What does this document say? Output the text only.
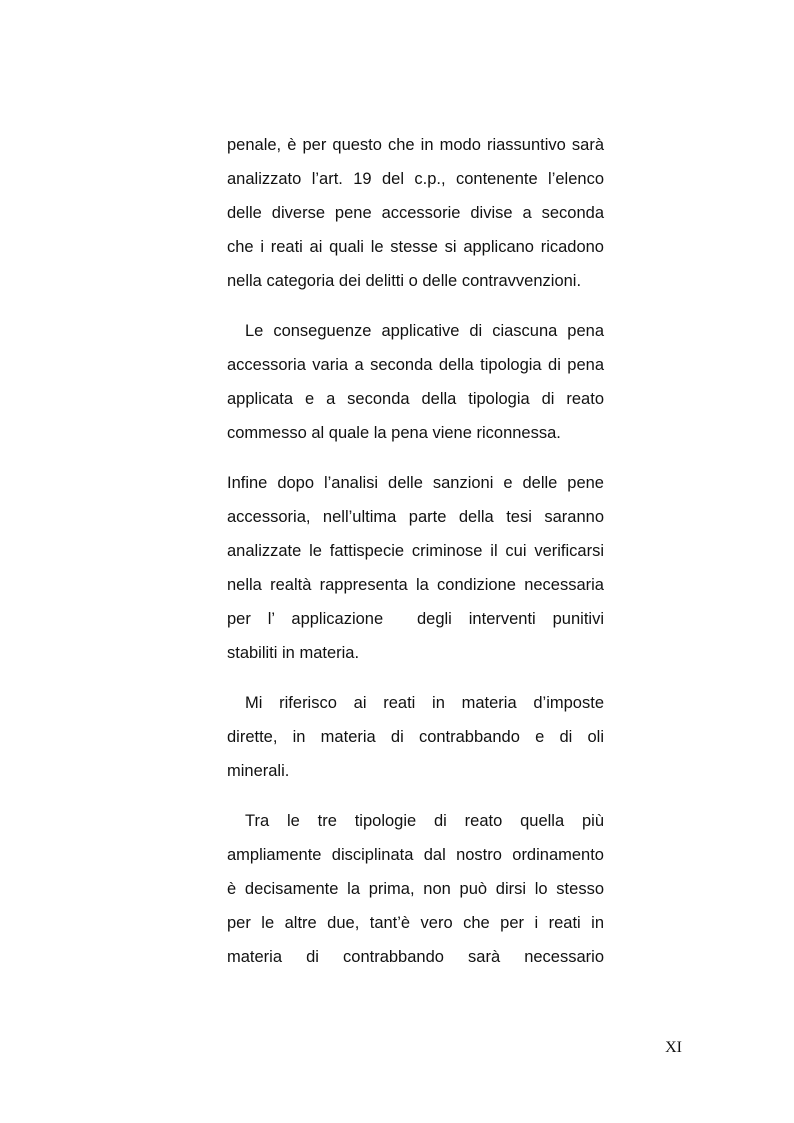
penale, è per questo che in modo riassuntivo sarà
analizzato l’art. 19 del c.p., contenente l’elenco
delle diverse pene accessorie divise a seconda
che i reati ai quali le stesse si applicano ricadono
nella categoria dei delitti o delle contravvenzioni.
Le conseguenze applicative di ciascuna pena
accessoria varia a seconda della tipologia di pena
applicata e a seconda della tipologia di reato
commesso al quale la pena viene riconnessa.
Infine dopo l’analisi delle sanzioni e delle pene
accessoria, nell’ultima parte della tesi saranno
analizzate le fattispecie criminose il cui verificarsi
nella realtà rappresenta la condizione necessaria
per l’ applicazione  degli interventi punitivi
stabiliti in materia.
Mi riferisco ai reati in materia d’imposte
dirette, in materia di contrabbando e di oli
minerali.
Tra le tre tipologie di reato quella più
ampliamente disciplinata dal nostro ordinamento
è decisamente la prima, non può dirsi lo stesso
per le altre due, tant’è vero che per i reati in
materia di contrabbando sarà necessario
XI
